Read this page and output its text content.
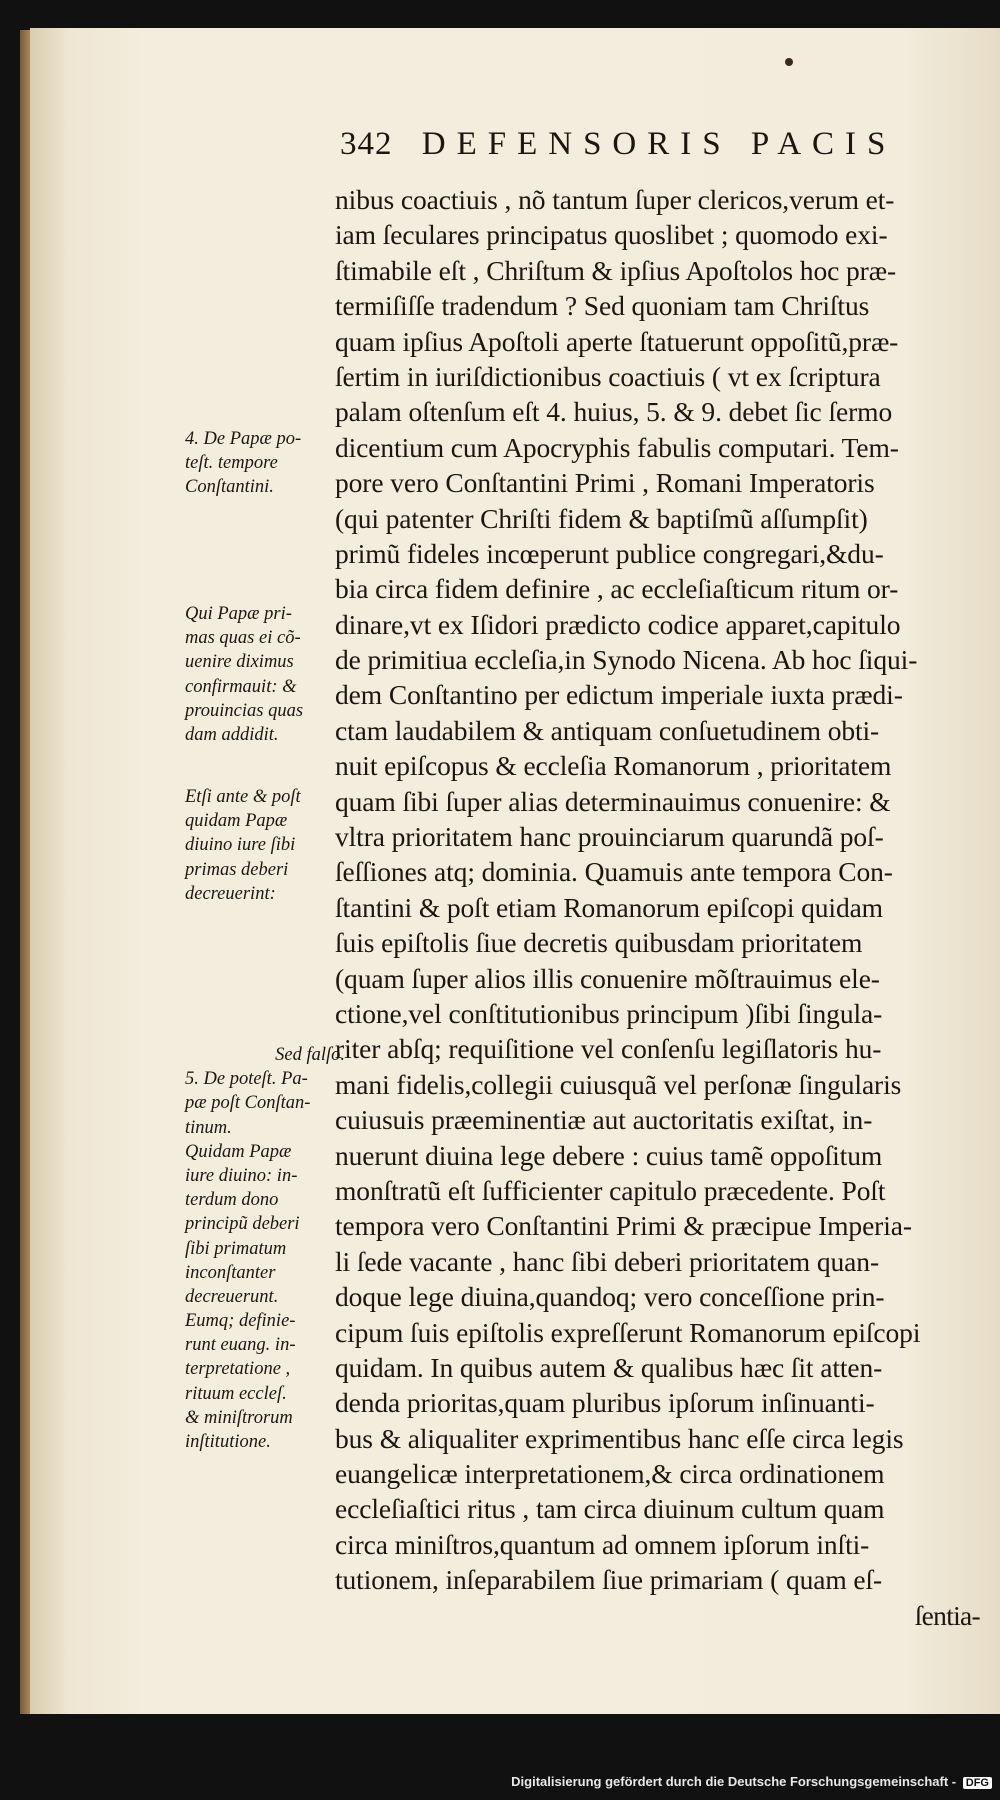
342 DEFENSORIS PACIS
nibus coactiuis , nõ tantum ſuper clericos,verum et-
iam ſeculares principatus quoslibet ; quomodo exi-
ſtimabile eſt , Chriſtum & ipſius Apoſtolos hoc præ-
termiſiſſe tradendum ? Sed quoniam tam Chriſtus
quam ipſius Apoſtoli aperte ſtatuerunt oppoſitũ,præ-
ſertim in iuriſdictionibus coactiuis ( vt ex ſcriptura
palam oſtenſum eſt 4. huius, 5. & 9. debet ſic ſermo
dicentium cum Apocryphis fabulis computari. Tem-
pore vero Conſtantini Primi , Romani Imperatoris
(qui patenter Chriſti fidem & baptiſmũ aſſumpſit)
primũ fideles incœperunt publice congregari,&du-
bia circa fidem definire , ac eccleſiaſticum ritum or-
dinare,vt ex Iſidori prædicto codice apparet,capitulo
de primitiua eccleſia,in Synodo Nicena. Ab hoc ſiqui-
dem Conſtantino per edictum imperiale iuxta prædi-
ctam laudabilem & antiquam conſuetudinem obti-
nuit epiſcopus & eccleſia Romanorum , prioritatem
quam ſibi ſuper alias determinauimus conuenire: &
vltra prioritatem hanc prouinciarum quarundã poſ-
ſeſſiones atq; dominia. Quamuis ante tempora Con-
ſtantini & poſt etiam Romanorum epiſcopi quidam
ſuis epiſtolis ſiue decretis quibusdam prioritatem
(quam ſuper alios illis conuenire mõſtrauimus ele-
ctione,vel conſtitutionibus principum )ſibi ſingula-
riter abſq; requiſitione vel conſenſu legiſlatoris hu-
mani fidelis,collegii cuiusquã vel perſonæ ſingularis
cuiusuis præeminentiæ aut auctoritatis exiſtat, in-
nuerunt diuina lege debere : cuius tamẽ oppoſitum
monſtratũ eſt ſufficienter capitulo præcedente. Poſt
tempora vero Conſtantini Primi & præcipue Imperia-
li ſede vacante , hanc ſibi deberi prioritatem quan-
doque lege diuina,quandoq; vero conceſſione prin-
cipum ſuis epiſtolis expreſſerunt Romanorum epiſcopi
quidam. In quibus autem & qualibus hæc ſit atten-
denda prioritas,quam pluribus ipſorum inſinuanti-
bus & aliqualiter exprimentibus hanc eſſe circa legis
euangelicæ interpretationem,& circa ordinationem
eccleſiaſtici ritus , tam circa diuinum cultum quam
circa miniſtros,quantum ad omnem ipſorum inſti-
tutionem, inſeparabilem ſiue primariam ( quam eſ-
ſentia-
4. De Papæ po-
teſt. tempore
Conſtantini.
Qui Papæ pri-
mas quas ei cõ-
uenire diximus
confirmauit: &
prouincias quas
dam addidit.
Etſi ante & poſt
quidam Papæ
diuino iure ſibi
primas deberi
decreuerint:
Sed falſo.
5. De poteſt. Pa-
pæ poſt Conſtan-
tinum.
Quidam Papæ
iure diuino: in-
terdum dono
principũ deberi
ſibi primatum
inconſtanter
decreuerunt.
Eumq; definie-
runt euang. in-
terpretatione ,
rituum eccleſ.
& miniſtrorum
inſtitutione.
Digitalisierung gefördert durch die Deutsche Forschungsgemeinschaft - DFG
